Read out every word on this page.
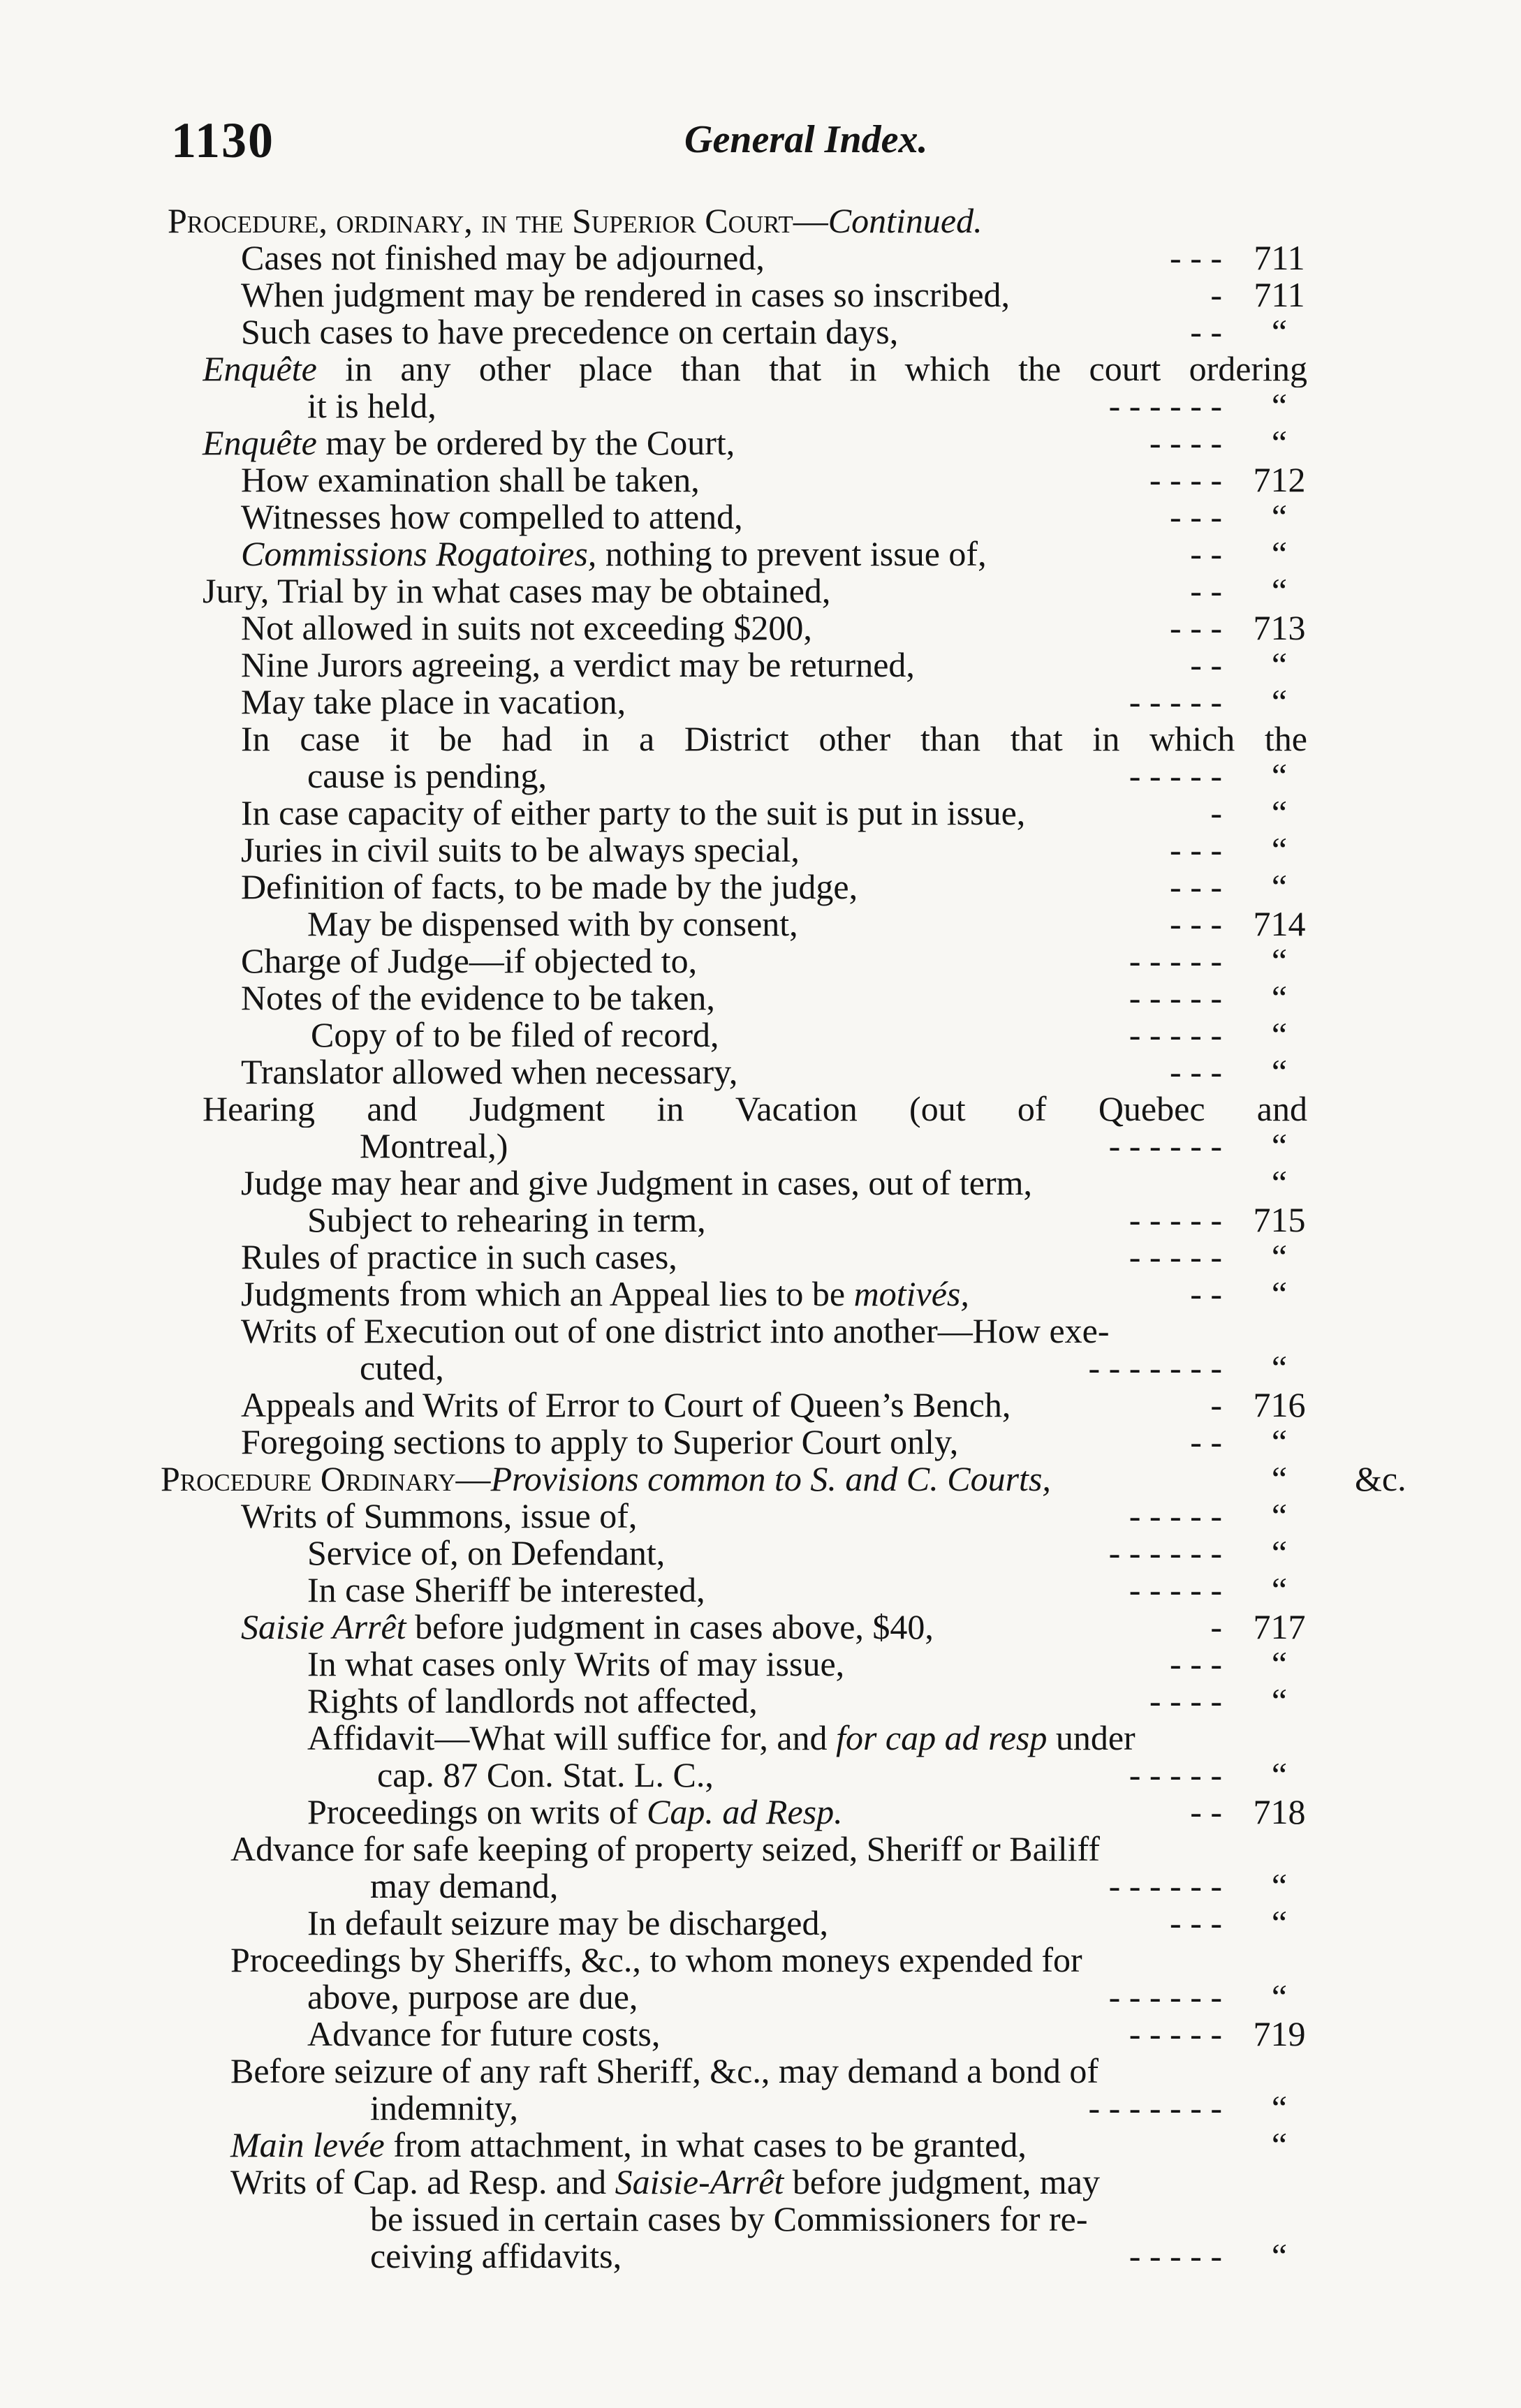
1130	General Index.
Procedure, ordinary, in the Superior Court—Continued.
Cases not finished may be adjourned,	- - - 711
When judgment may be rendered in cases so inscribed,	- 711
Such cases to have precedence on certain days,	- -	“
Enquête in any other place than that in which the court ordering
it is held,	- - - - - -	“
Enquête may be ordered by the Court,	- - - -	“
How examination shall be taken,	- - - - 712
Witnesses how compelled to attend,	- - -	“
Commissions Rogatoires, nothing to prevent issue of,	- -	“
Jury, Trial by in what cases may be obtained,	- -	“
Not allowed in suits not exceeding $200,	- - - 713
Nine Jurors agreeing, a verdict may be returned,	- -	“
May take place in vacation,	- - - - -	“
In case it be had in a District other than that in which the
cause is pending,	- - - - -	“
In case capacity of either party to the suit is put in issue,	-	“
Juries in civil suits to be always special,	- - -	“
Definition of facts, to be made by the judge,	- - -	“
May be dispensed with by consent,	- - - 714
Charge of Judge—if objected to,	- - - - -	“
Notes of the evidence to be taken,	- - - - -	“
Copy of to be filed of record,	- - - - -	“
Translator allowed when necessary,	- - -	“
Hearing and Judgment in Vacation (out of Quebec and
Montreal,)	- - - - - -	“
Judge may hear and give Judgment in cases, out of term,	“
Subject to rehearing in term,	- - - - - 715
Rules of practice in such cases,	- - - - -	“
Judgments from which an Appeal lies to be motivés,	- -	“
Writs of Execution out of one district into another—How exe-
cuted,	- - - - - - -	“
Appeals and Writs of Error to Court of Queen’s Bench,	- 716
Foregoing sections to apply to Superior Court only,	- -	“
Procedure Ordinary—Provisions common to S. and C. Courts,	“	&c.
Writs of Summons, issue of,	- - - - -	“
Service of, on Defendant,	- - - - - -	“
In case Sheriff be interested,	- - - - -	“
Saisie Arrêt before judgment in cases above, $40,	- 717
In what cases only Writs of may issue,	- - -	“
Rights of landlords not affected,	- - - -	“
Affidavit—What will suffice for, and for cap ad resp under
cap. 87 Con. Stat. L. C.,	- - - - -	“
Proceedings on writs of Cap. ad Resp.	- - 718
Advance for safe keeping of property seized, Sheriff or Bailiff
may demand,	- - - - - -	“
In default seizure may be discharged,	- - -	“
Proceedings by Sheriffs, &c., to whom moneys expended for
above, purpose are due,	- - - - - -	“
Advance for future costs,	- - - - - 719
Before seizure of any raft Sheriff, &c., may demand a bond of
indemnity,	- - - - - - -	“
Main levée from attachment, in what cases to be granted,	“
Writs of Cap. ad Resp. and Saisie-Arrêt before judgment, may
be issued in certain cases by Commissioners for re-
ceiving affidavits,	- - - - -	“
